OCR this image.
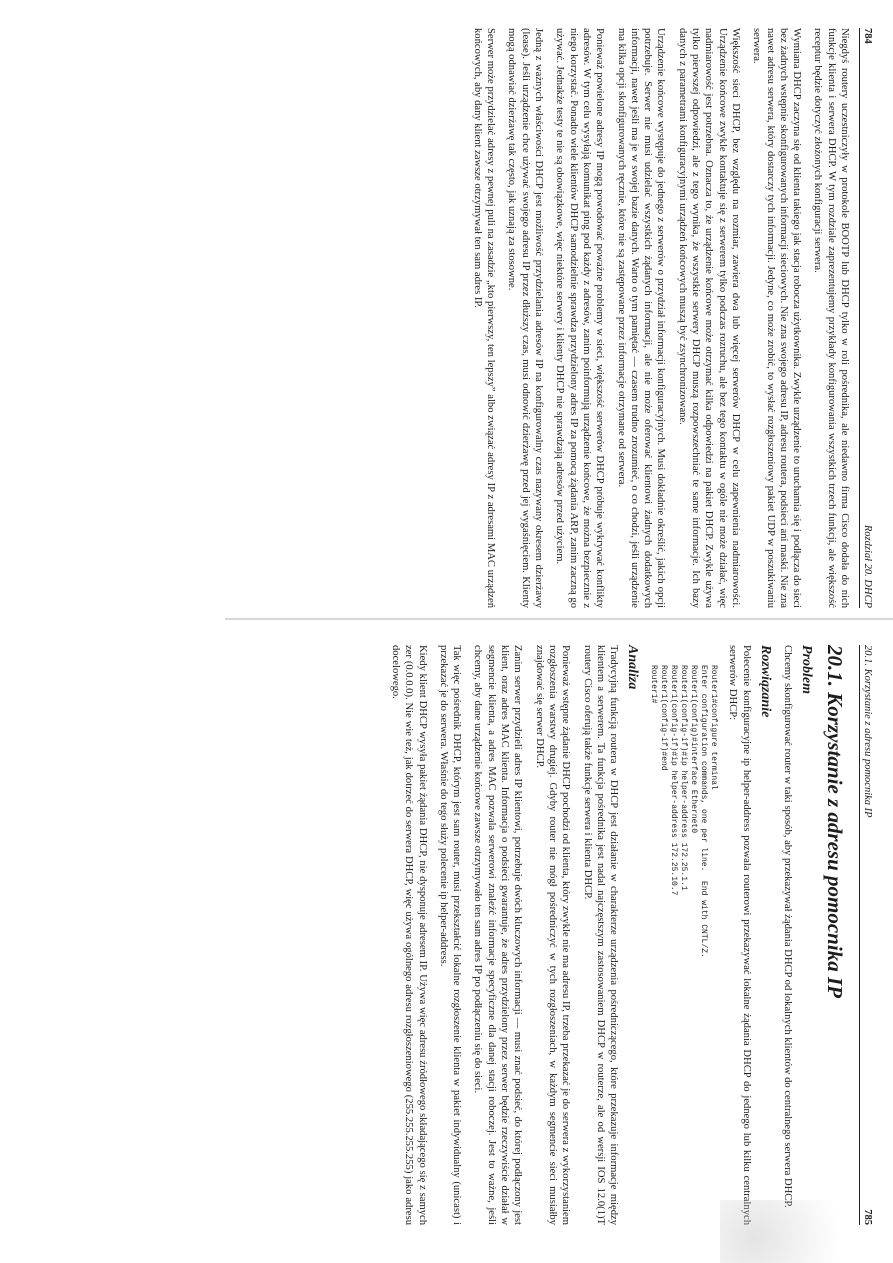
784
Rozdział 20. DHCP

Niegdyś routery uczestniczyły w protokole BOOTP lub DHCP tylko w roli pośrednika, ale niedawno firma Cisco dodała do nich funkcje klienta i serwera DHCP. W tym rozdziale zaprezentujemy przykłady konfigurowania wszystkich trzech funkcji, ale większość receptur będzie dotyczyć złożonych konfiguracji serwera.

Wymiana DHCP zaczyna się od klienta takiego jak stacja robocza użytkownika. Zwykle urządzenie to uruchamia się i podłącza do sieci bez żadnych wstępnie skonfigurowanych informacji sieciowych. Nie zna swojego adresu IP, adresu routera, podsieci ani maski. Nie zna nawet adresu serwera, który dostarczy tych informacji. Jedyne, co może zrobić, to wysłać rozgłoszeniowy pakiet UDP w poszukiwaniu serwera.

Większość sieci DHCP, bez względu na rozmiar, zawiera dwa lub więcej serwerów DHCP w celu zapewnienia nadmiarowości. Urządzenie końcowe zwykle kontaktuje się z serwerem tylko podczas rozruchu, ale bez tego kontaktu w ogóle nie może działać, więc nadmiarowość jest potrzebna. Oznacza to, że urządzenie końcowe może otrzymać kilka odpowiedzi na pakiet DHCP. Zwykle używa tylko pierwszej odpowiedzi, ale z tego wynika, że wszystkie serwery DHCP muszą rozpowszechniać te same informacje. Ich bazy danych z parametrami konfiguracyjnymi urządzeń końcowych muszą być zsynchronizowane.

Urządzenie końcowe występuje do jednego z serwerów o przydział informacji konfiguracyjnych. Musi dokładnie określić, jakich opcji potrzebuje. Serwer nie musi udzielać wszystkich żądanych informacji, ale nie może oferować klientowi żadnych dodatkowych informacji, nawet jeśli ma je w swojej bazie danych. Warto o tym pamiętać — czasem trudno zrozumieć, o co chodzi, jeśli urządzenie ma kilka opcji skonfigurowanych ręcznie, które nie są zastępowane przez informacje otrzymane od serwera.

Ponieważ powielone adresy IP mogą powodować poważne problemy w sieci, większość serwerów DHCP próbuje wykrywać konflikty adresów. W tym celu wysyłają komunikat ping pod każdy z adresów, zanim poinformują urządzenie końcowe, że można bezpiecznie z niego korzystać. Ponadto wiele klientów DHCP samodzielnie sprawdza przydzielony adres IP za pomocą żądania ARP, zanim zaczną go używać. Jednakże testy te nie są obowiązkowe, więc niektóre serwery i klienty DHCP nie sprawdzają adresów przed użyciem.

Jedną z ważnych właściwości DHCP jest możliwość przydzielania adresów IP na konfigurowalny czas nazywany okresem dzierżawy (lease). Jeśli urządzenie chce używać swojego adresu IP przez dłuższy czas, musi odnowić dzierżawę przed jej wygaśnięciem. Klienty mogą odnawiać dzierżawę tak często, jak uznają za stosowne.

Serwer może przydzielać adresy z pewnej puli na zasadzie „kto pierwszy, ten lepszy” albo związać adresy IP z adresami MAC urządzeń końcowych, aby dany klient zawsze otrzymywał ten sam adres IP.

20.1. Korzystanie z adresu pomocnika IP
785
20.1. Korzystanie z adresu pomocnika IP
Problem

Chcemy skonfigurować router w taki sposób, aby przekazywał żądania DHCP od lokalnych klientów do centralnego serwera DHCP.

Rozwiązanie

Polecenie konfiguracyjne ip helper-address pozwala routerowi przekazywać lokalne żądania DHCP do jednego lub kilku centralnych serwerów DHCP:

Router1#configure terminal
Enter configuration commands, one per line.  End with CNTL/Z.
Router1(config)#interface Ethernet0
Router1(config-if)#ip helper-address 172.25.1.1
Router1(config-if)#ip helper-address 172.25.10.7
Router1(config-if)#end
Router1#
Analiza

Tradycyjną funkcją routera w DHCP jest działanie w charakterze urządzenia pośredniczącego, które przekazuje informacje między klientem a serwerem. Ta funkcja pośrednika jest nadal najczęstszym zastosowaniem DHCP w routerze, ale od wersji IOS 12.0(1)T routery Cisco oferują także funkcje serwera i klienta DHCP.

Ponieważ wstępne żądanie DHCP pochodzi od klienta, który zwykle nie ma adresu IP, trzeba przekazać je do serwera z wykorzystaniem rozgłoszenia warstwy drugiej. Gdyby router nie mógł pośredniczyć w tych rozgłoszeniach, w każdym segmencie sieci musiałby znajdować się serwer DHCP.

Zanim serwer przydzieli adres IP klientowi, potrzebuje dwóch kluczowych informacji — musi znać podsieć, do której podłączony jest klient, oraz adres MAC klienta. Informacja o podsieci gwarantuje, że adres przydzielony przez serwer będzie rzeczywiście działał w segmencie klienta, a adres MAC pozwala serwerowi znaleźć informacje specyficzne dla danej stacji roboczej. Jest to ważne, jeśli chcemy, aby dane urządzenie końcowe zawsze otrzymywało ten sam adres IP po podłączeniu się do sieci.

Tak więc pośrednik DHCP, którym jest sam router, musi przekształcić lokalne rozgłoszenie klienta w pakiet indywidualny (unicast) i przekazać je do serwera. Właśnie do tego służy polecenie ip helper-address.

Kiedy klient DHCP wysyła pakiet żądania DHCP, nie dysponuje adresem IP. Używa więc adresu źródłowego składającego się z samych zer (0.0.0.0). Nie wie też, jak dotrzeć do serwera DHCP, więc używa ogólnego adresu rozgłoszeniowego (255.255.255.255) jako adresu docelowego.
